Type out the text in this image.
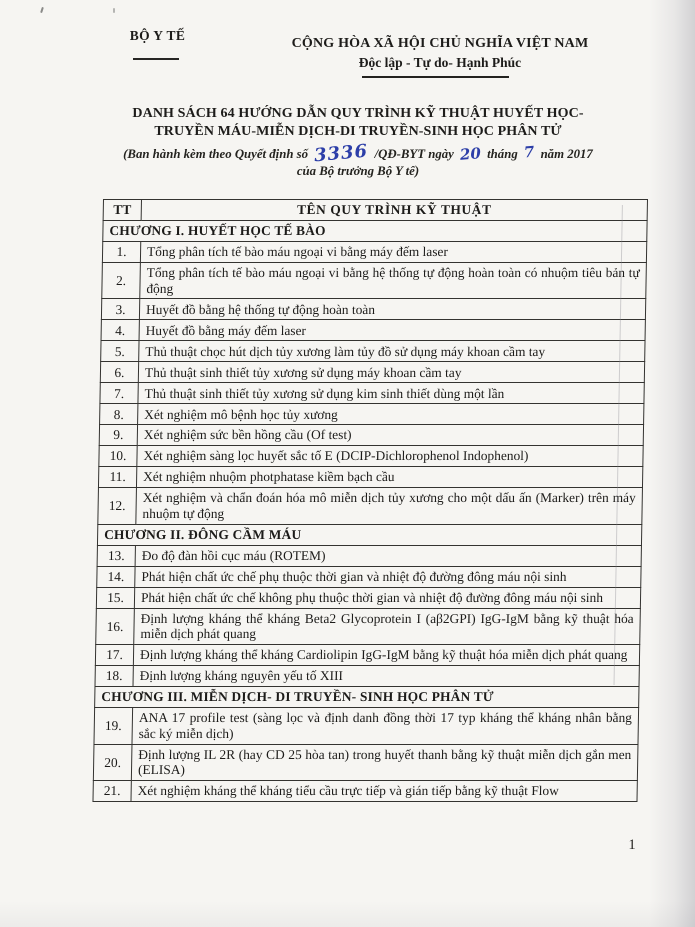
BỘ Y TẾ
CỘNG HÒA XÃ HỘI CHỦ NGHĨA VIỆT NAM
Độc lập - Tự do- Hạnh Phúc
DANH SÁCH 64 HƯỚNG DẪN QUY TRÌNH KỸ THUẬT HUYẾT HỌC-
TRUYỀN MÁU-MIỄN DỊCH-DI TRUYỀN-SINH HỌC PHÂN TỬ
(Ban hành kèm theo Quyết định số 3336 /QĐ-BYT ngày 20 tháng 7 năm 2017
của Bộ trưởng Bộ Y tế)
TT	TÊN QUY TRÌNH KỸ THUẬT
CHƯƠNG I. HUYẾT HỌC TẾ BÀO	
1.	Tổng phân tích tế bào máu ngoại vi bằng máy đếm laser
2.	Tổng phân tích tế bào máu ngoại vi bằng hệ thống tự động hoàn toàn có nhuộm tiêu bản tự động
3.	Huyết đồ bằng hệ thống tự động hoàn toàn
4.	Huyết đồ bằng máy đếm laser
5.	Thủ thuật chọc hút dịch tủy xương làm tủy đồ sử dụng máy khoan cầm tay
6.	Thủ thuật sinh thiết tủy xương sử dụng máy khoan cầm tay
7.	Thủ thuật sinh thiết tủy xương sử dụng kim sinh thiết dùng một lần
8.	Xét nghiệm mô bệnh học tủy xương
9.	Xét nghiệm sức bền hồng cầu (Of test)
10.	Xét nghiệm sàng lọc huyết sắc tố E (DCIP-Dichlorophenol Indophenol)
11.	Xét nghiệm nhuộm photphatase kiềm bạch cầu
12.	Xét nghiệm và chẩn đoán hóa mô miễn dịch tủy xương cho một dấu ấn (Marker) trên máy nhuộm tự động
CHƯƠNG II. ĐÔNG CẦM MÁU	
13.	Đo độ đàn hồi cục máu (ROTEM)
14.	Phát hiện chất ức chế phụ thuộc thời gian và nhiệt độ đường đông máu nội sinh
15.	Phát hiện chất ức chế không phụ thuộc thời gian và nhiệt độ đường đông máu nội sinh
16.	Định lượng kháng thể kháng Beta2 Glycoprotein I (aβ2GPI) IgG-IgM bằng kỹ thuật hóa miễn dịch phát quang
17.	Định lượng kháng thể kháng Cardiolipin IgG-IgM bằng kỹ thuật hóa miễn dịch phát quang
18.	Định lượng kháng nguyên yếu tố XIII
CHƯƠNG III. MIỄN DỊCH- DI TRUYỀN- SINH HỌC PHÂN TỬ	
19.	ANA 17 profile test (sàng lọc và định danh đồng thời 17 typ kháng thể kháng nhân bằng sắc ký miễn dịch)
20.	Định lượng IL 2R (hay CD 25 hòa tan) trong huyết thanh bằng kỹ thuật miễn dịch gắn men (ELISA)
21.	Xét nghiệm kháng thể kháng tiểu cầu trực tiếp và gián tiếp bằng kỹ thuật Flow
1
